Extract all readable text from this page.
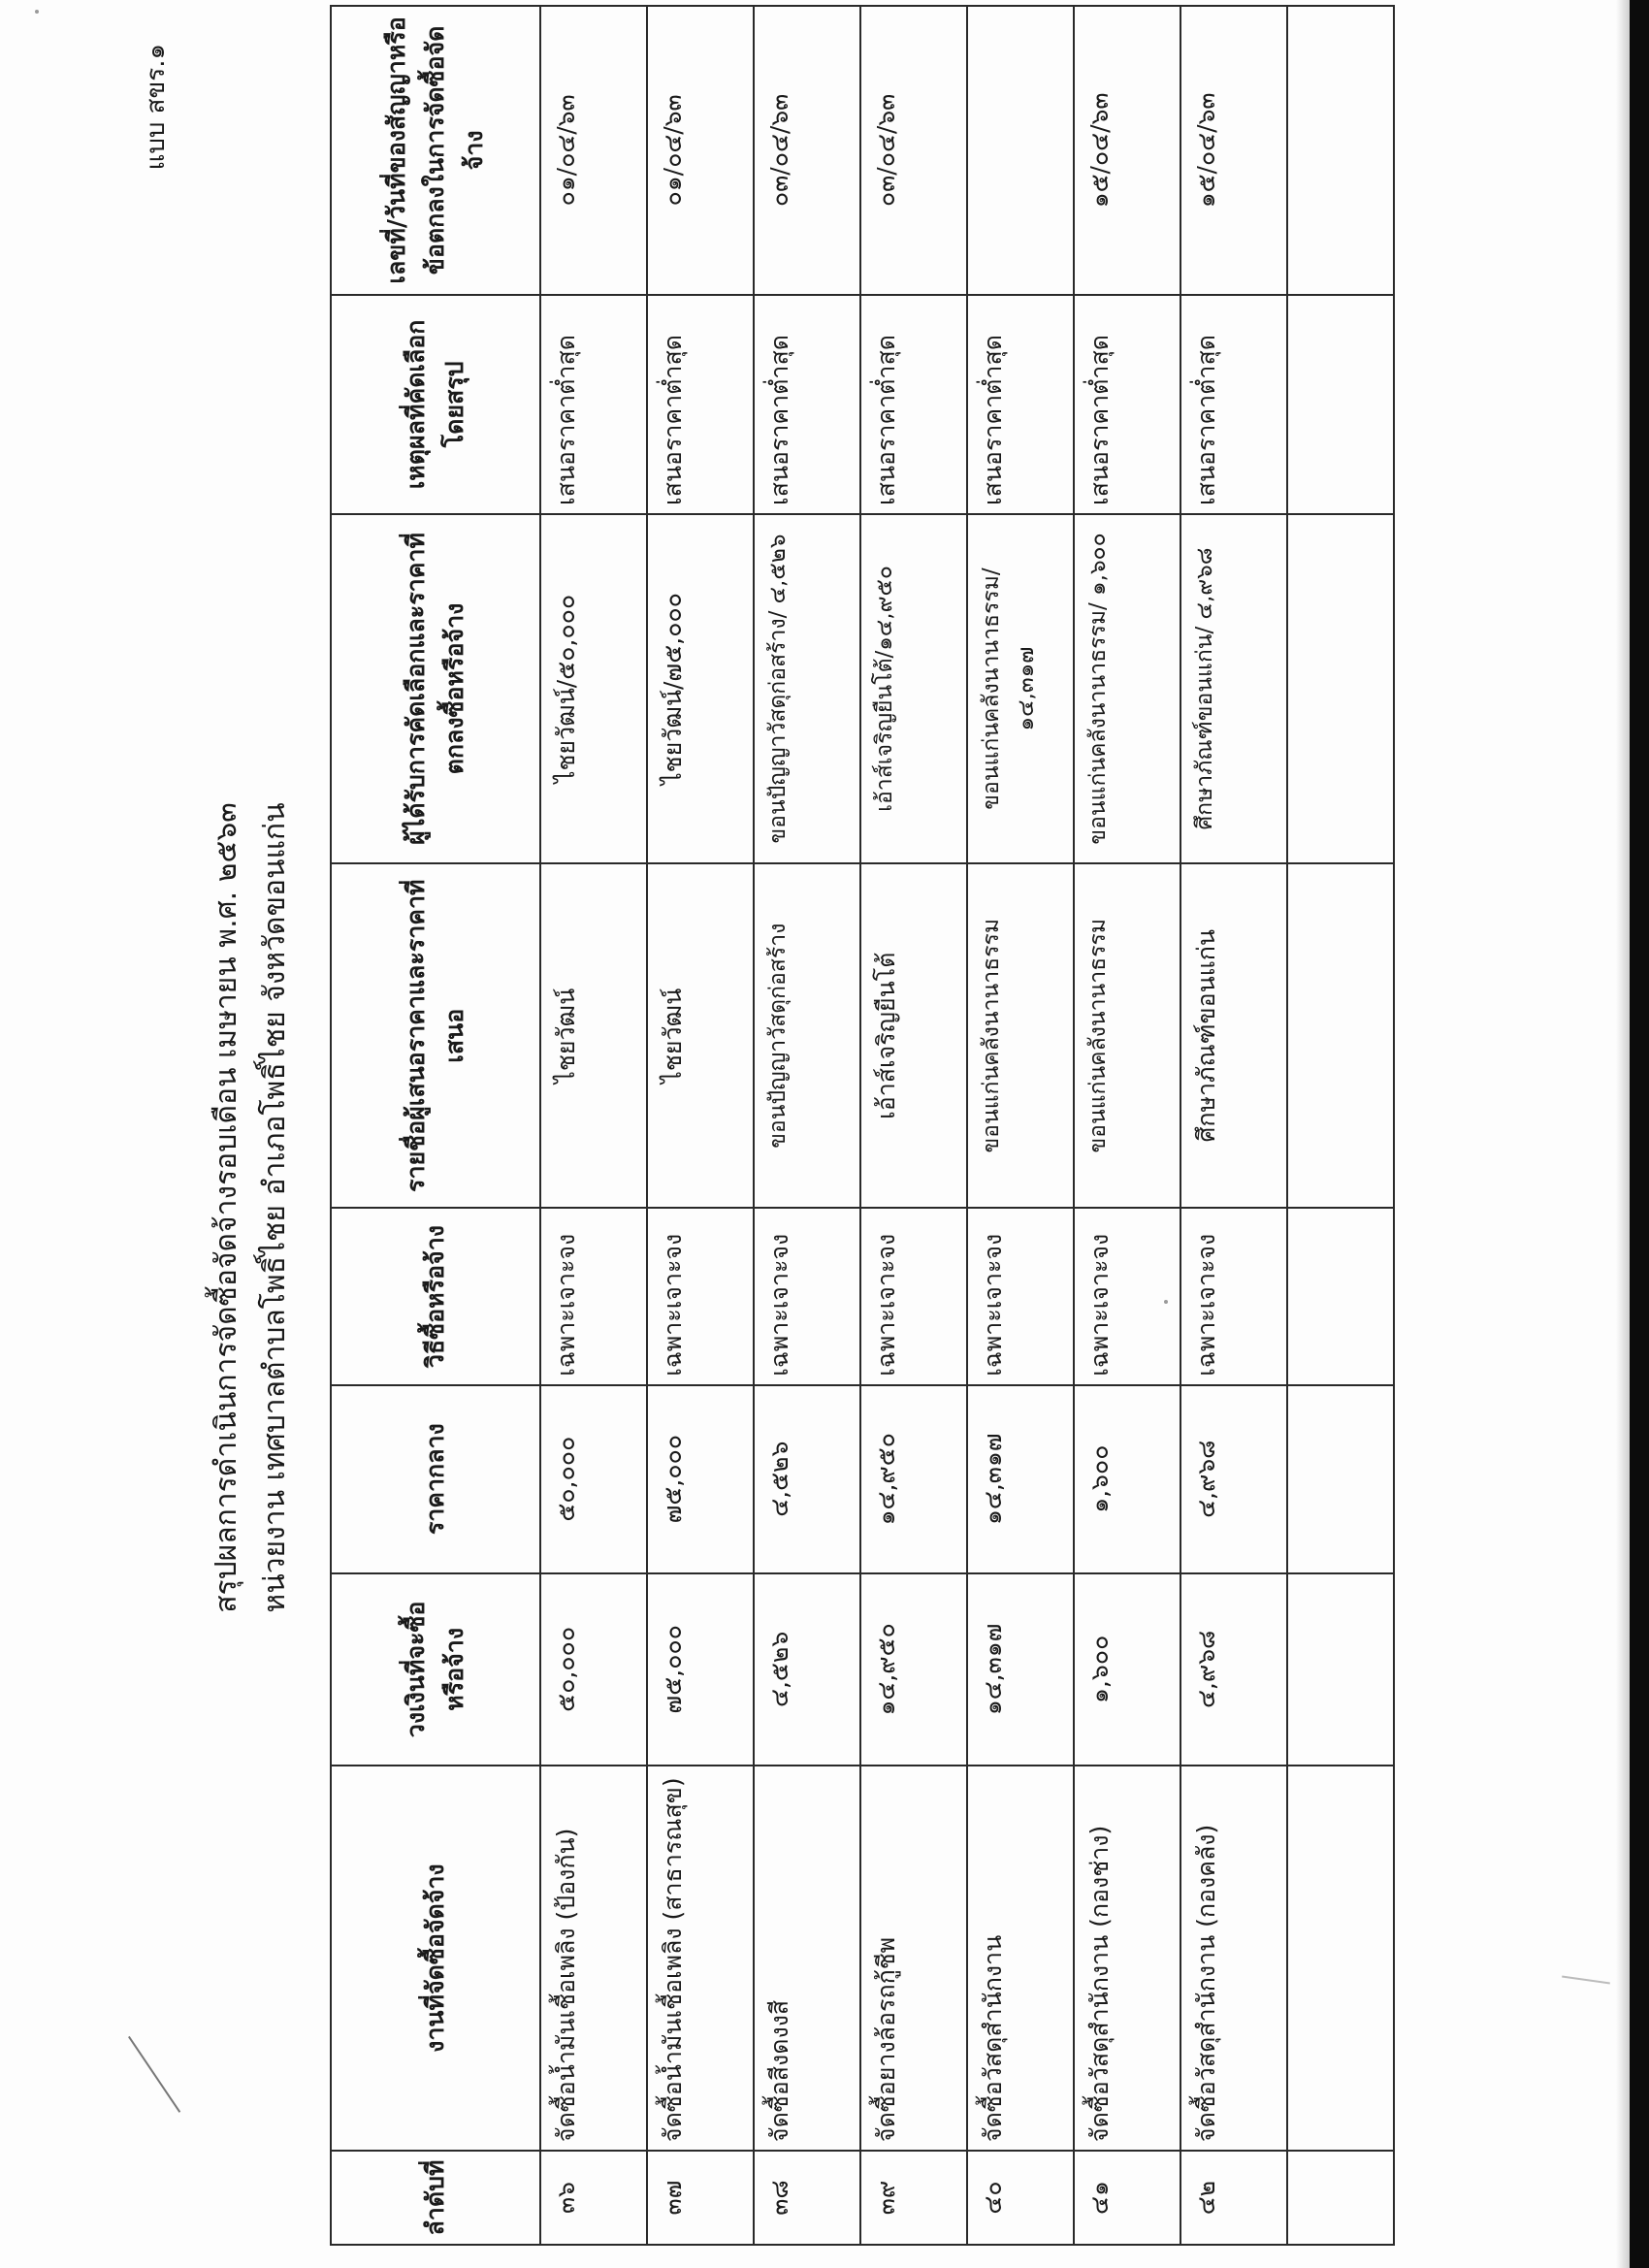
แบบ สขร.๑
สรุปผลการดำเนินการจัดซื้อจัดจ้างรอบเดือน เมษายน พ.ศ. ๒๕๖๓ หน่วยงาน เทศบาลตำบลโพธิ์ไชย อำเภอโพธิ์ไชย จังหวัดขอนแก่น
ลำดับที่	งานที่จัดซื้อจัดจ้าง	วงเงินที่จะซื้อหรือจ้าง	ราคากลาง	วิธีซื้อหรือจ้าง	รายชื่อผู้เสนอราคาและราคาที่เสนอ	ผู้ได้รับการคัดเลือกและราคาที่ตกลงซื้อหรือจ้าง	เหตุผลที่คัดเลือกโดยสรุป	เลขที่/วันที่ของสัญญาหรือข้อตกลงในการจัดซื้อจัดจ้าง
๓๖	จัดซื้อน้ำมันเชื้อเพลิง (ป้องกัน)	๕๐,๐๐๐	๕๐,๐๐๐	เฉพาะเจาะจง	ไชยวัฒน์	ไชยวัฒน์/๕๐,๐๐๐	เสนอราคาต่ำสุด	๐๑/๐๔/๖๓
๓๗	จัดซื้อน้ำมันเชื้อเพลิง (สาธารณสุข)	๗๕,๐๐๐	๗๕,๐๐๐	เฉพาะเจาะจง	ไชยวัฒน์	ไชยวัฒน์/๗๕,๐๐๐	เสนอราคาต่ำสุด	๐๑/๐๔/๖๓
๓๘	จัดซื้อสีงดงงสี	๔,๕๒๖	๔,๕๒๖	เฉพาะเจาะจง	ขอนปัญญาวัสดุก่อสร้าง	ขอนปัญญาวัสดุก่อสร้าง/ ๔,๕๒๖	เสนอราคาต่ำสุด	๐๓/๐๔/๖๓
๓๙	จัดซื้อยางล้อรถกู้ชีพ	๑๔,๙๕๐	๑๔,๙๕๐	เฉพาะเจาะจง	เอ้าส์เจริญยืนโต้	เอ้าส์เจริญยืนโต้/๑๔,๙๕๐	เสนอราคาต่ำสุด	๐๓/๐๔/๖๓
๔๐	จัดซื้อวัสดุสำนักงาน	๑๔,๓๑๗	๑๔,๓๑๗	เฉพาะเจาะจง	ขอนแก่นคลังนานาธรรม	ขอนแก่นคลังนานาธรรม/ ๑๔,๓๑๗	เสนอราคาต่ำสุด	
๔๑	จัดซื้อวัสดุสำนักงาน (กองช่าง)	๑,๖๐๐	๑,๖๐๐	เฉพาะเจาะจง	ขอนแก่นคลังนานาธรรม	ขอนแก่นคลังนานาธรรม/ ๑,๖๐๐	เสนอราคาต่ำสุด	๑๕/๐๔/๖๓
๔๒	จัดซื้อวัสดุสำนักงาน (กองคลัง)	๔,๙๖๘	๔,๙๖๘	เฉพาะเจาะจง	ศึกษาภัณฑ์ขอนแก่น	ศึกษาภัณฑ์ขอนแก่น/ ๔,๙๖๘	เสนอราคาต่ำสุด	๑๕/๐๔/๖๓
